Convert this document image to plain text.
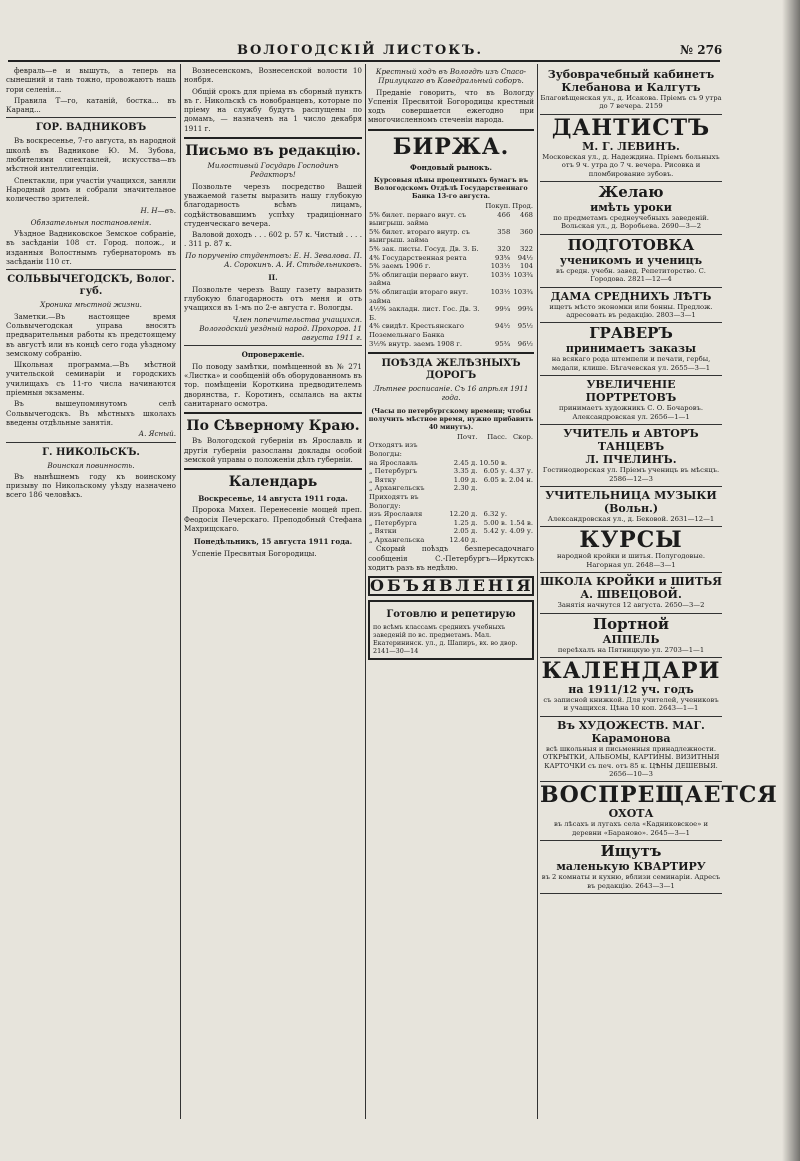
ВОЛОГОДСКІЙ ЛИСТОКЪ.	№ 276

февраль—е и вышуть, а теперь на сынешний и тань тожно, провожаютъ нашь гори селенія...

Правила Т—го, катаній, бостка... въ Каранд...

ГОР. ВАДНИКОВЪ

Въ воскресенье, 7-го августа, въ народной школѣ въ Вадникове Ю. М. Зубова, любителями спектаклей, искусства—въ мѣстной интеллигенціи.

Спектакли, при участіи учащихся, заняли Народный домъ и собрали значительное количество зрителей.

Н. Н—въ.
Обязательныя постановленія.

Уѣздное Вадниковское Земское собраніе, въ засѣданіи 108 ст. Город. полож., и изданныя Волостнымъ губернаторомъ въ засѣданіи 110 ст.

СОЛЬВЫЧЕГОДСКЪ, Волог. губ.
Хроника мѣстной жизни.

Заметки.—Въ настоящее время Сольвычегодская управа вносятъ предварительныя работы къ предстоящему въ августѣ или въ концѣ сего года уѣздному земскому собранію.

Школьная программа.—Въ мѣстной учительской семинаріи и городскихъ училищахъ съ 11-го числа начинаются пріемныя экзамены.

Въ вышеупомянутомъ селѣ Сольвычегодскъ. Въ мѣстныхъ школахъ введены отдѣльные занятія.

А. Ясный.
Г. НИКОЛЬСКЪ.
Воинская повинность.

Въ нынѣшнемъ году къ воинскому призыву по Никольскому уѣзду назначено всего 186 человѣкъ.

Вознесенскомъ, Вознесенской волости 10 ноября.

Общій срокъ для пріема въ сборный пунктъ въ г. Никольскѣ съ новобранцевъ, которые по пріему на службу будутъ распущены по домамъ, — назначенъ на 1 число декабря 1911 г.

Письмо въ редакцію.
Милостивый Государь Господинъ Редакторъ!

Позвольте черезъ посредство Вашей уважаемой газеты выразить нашу глубокую благодарность всѣмъ лицамъ, содѣйствовавшимъ успѣху традиціоннаго студенческаго вечера.

Валовой доходъ . . . 602 р. 57 к. Чистый . . . . . 311 р. 87 к.

По порученію студентовъ: Е. Н. Зевалова. П. А. Сорокинъ. А. И. Стѣдельниковъ.
II.

Позвольте черезъ Вашу газету выразить глубокую благодарность отъ меня и отъ учащихся въ 1-мъ по 2-е августа г. Вологды.

Член попечительства учащихся. Вологодский уездный народ. Прохоров. 11 августа 1911 г.
Опроверженіе.

По поводу замѣтки, помѣщенной въ № 271 «Листка» и сообщеній объ оборудованномъ въ тор. помѣщеніи Короткина предводителемъ дворянства, г. Коротинъ, ссылаясь на акты санитарнаго осмотра.

По Сѣверному Краю.

Въ Вологодской губерніи въ Ярославль и другія губерніи разосланы доклады особой земской управы о положеніи дѣлъ губерніи.

Календарь
Воскресенье, 14 августа 1911 года.

Пророка Михея. Перенесеніе мощей преп. Феодосія Печерскаго. Преподобный Стефана Махрищскаго.

Понедѣльникъ, 15 августа 1911 года.

Успеніе Пресвятыя Богородицы.

Крестный ходъ въ Вологдѣ изъ Спасо-Прилуцкаго въ Каѳедральный соборъ.

Преданіе говоритъ, что въ Вологду Успенія Пресвятой Богородицы крестный ходъ совершается ежегодно при многочисленномъ стеченіи народа.

БИРЖА.
Фондовый рынокъ.
Курсовыя цѣны процентныхъ бумагъ въ Вологодскомъ Отдѣлѣ Государственнаго Банка 13-го августа.
	Покуп.	Прод.
5% билет. перваго внут. съ выигрыш. займа	466	468
5% билет. втораго внутр. съ выигрыш. займа	358	360
5% зак. листы. Госуд. Дв. З. Б.	320	322
4% Государственная рента	93⅝	94½
5% заемъ 1906 г.	103½	104
5% облигаціи перваго внут. займа	103½	103¾
5% облигаціи втораго внут. займа	103½	103¾
4½% закладн. лист. Гос. Дв. З. Б.	99¼	99¾
4% свидѣт. Крестьянскаго Поземельнаго Банка	94½	95½
3½% внутр. заемъ 1908 г.	95¾	96½
ПОѢЗДА ЖЕЛѢЗНЫХЪ ДОРОГЪ
Лѣтнее росписаніе. Съ 16 апрѣля 1911 года.
(Часы по петербургскому времени; чтобы получить мѣстное время, нужно прибавить 40 минутъ).
	Почт.	Пасс.	Скор.
Отходятъ изъ Вологды:			
на Ярославль	2.45 д.	10.50 в.	
„ Петербургъ	3.35 д.	6.05 у.	4.37 у.
„ Вятку	1.09 д.	6.05 в.	2.04 н.
„ Архангельскъ	2.30 д.		
Приходятъ въ Вологду:			
изъ Ярославля	12.20 д.	6.32 у.	
„ Петербурга	1.25 д.	5.00 в.	1.54 в.
„ Вятки	2.05 д.	5.42 у.	4.09 у.
„ Архангельска	12.40 д.		

Скорый поѣздъ безпересадочнаго сообщенія С.-Петербургъ—Иркутскъ ходитъ разъ въ недѣлю.

ОБЪЯВЛЕНІЯ
Готовлю и репетирую
по всѣмъ классамъ среднихъ учебныхъ заведеній по вс. предметамъ. Мал. Екатерининск. ул., д. Шапиръ, вх. во двор. 2141—30—14
Зубоврачебный кабинетъ
Клебанова и Калгутъ
Благовѣщенская ул., д. Исакова. Пріемъ съ 9 утра до 7 вечера. 2159
ДАНТИСТЪ
М. Г. ЛЕВИНЪ.
Московская ул., д. Надеждина. Пріемъ больныхъ отъ 9 ч. утра до 7 ч. вечера. Рисовка и пломбирование зубовъ.
Желаю
имѣть уроки
по предметамъ среднеучебныхъ заведеній. Вольская ул., д. Воробьева. 2690—3—2
ПОДГОТОВКА
ученикомъ и ученицъ
въ средн. учебн. завед. Репетиторство. С. Городова. 2821—12—4
ДАМА СРЕДНИХЪ ЛѢТЪ
ищетъ мѣсто экономки или бонны. Предлож. адресовать въ редакцію. 2803—3—1
ГРАВЕРЪ
принимаетъ заказы
на всякаго рода штемпели и печати, гербы, медали, клише. Бѣгачевская ул. 2655—3—1
УВЕЛИЧЕНІЕ ПОРТРЕТОВЪ
принимаетъ художникъ С. О. Бочаровъ. Александровская ул. 2656—1—1
УЧИТЕЛЬ и АВТОРЪ ТАНЦЕВЪ
Л. ПЧЕЛИНЪ.
Гостинодворская ул. Пріемъ ученицъ въ мѣсяцъ. 2586—12—3
УЧИТЕЛЬНИЦА МУЗЫКИ
(Вольн.)
Александровская ул., д. Бековой. 2631—12—1
КУРСЫ
народной кройки и шитья. Полугодовые. Нагорная ул. 2648—3—1
ШКОЛА КРОЙКИ и ШИТЬЯ
А. ШВЕЦОВОЙ.
Занятія начнутся 12 августа. 2650—3—2
Портной
АППЕЛЬ
переѣхалъ на Пятницкую ул. 2703—1—1
КАЛЕНДАРИ
на 1911/12 уч. годъ
съ записной книжкой. Для учителей, учениковъ и учащихся. Цѣна 10 коп. 2643—1—1
Въ ХУДОЖЕСТВ. МАГ.
Карамонова
всѣ школьныя и письменныя принадлежности. ОТКРЫТКИ, АЛЬБОМЫ, КАРТИНЫ. ВИЗИТНЫЯ КАРТОЧКИ съ печ. отъ 85 к. ЦѢНЫ ДЕШЕВЫЯ. 2656—10—3
ВОСПРЕЩАЕТСЯ
ОХОТА
въ лѣсахъ и лугахъ села «Кадниковское» и деревни «Бараново». 2645—3—1
Ищутъ
маленькую КВАРТИРУ
въ 2 комнаты и кухню, вблизи семинаріи. Адресъ въ редакцію. 2643—3—1
